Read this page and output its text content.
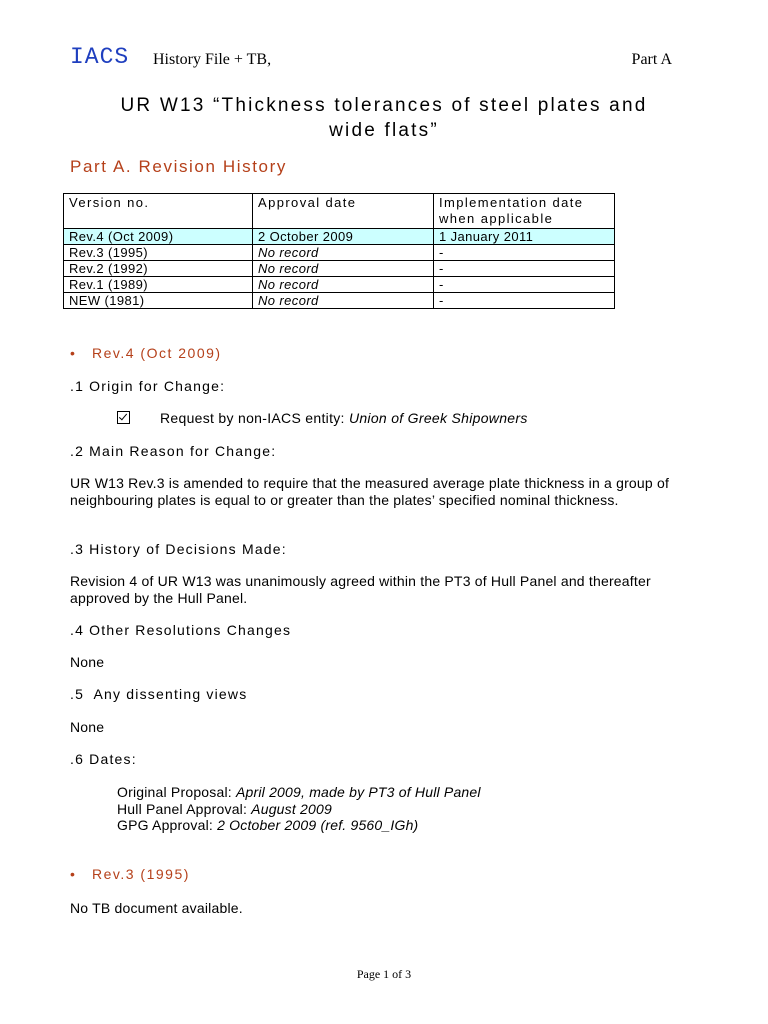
IACS History File + TB,	Part A
UR W13 “Thickness tolerances of steel plates and
wide flats”
Part A. Revision History
Version no.	Approval date	Implementation date when applicable
Rev.4 (Oct 2009)	2 October 2009	1 January 2011
Rev.3 (1995)	No record	-
Rev.2 (1992)	No record	-
Rev.1 (1989)	No record	-
NEW (1981)	No record	-
• Rev.4 (Oct 2009)
.1 Origin for Change:
Request by non-IACS entity: Union of Greek Shipowners
.2 Main Reason for Change:
UR W13 Rev.3 is amended to require that the measured average plate thickness in a group of neighbouring plates is equal to or greater than the plates’ specified nominal thickness.
.3 History of Decisions Made:
Revision 4 of UR W13 was unanimously agreed within the PT3 of Hull Panel and thereafter approved by the Hull Panel.
.4 Other Resolutions Changes
None
.5  Any dissenting views
None
.6 Dates:
Original Proposal: April 2009, made by PT3 of Hull Panel
Hull Panel Approval: August 2009
GPG Approval: 2 October 2009 (ref. 9560_IGh)
• Rev.3 (1995)
No TB document available.
Page 1 of 3
